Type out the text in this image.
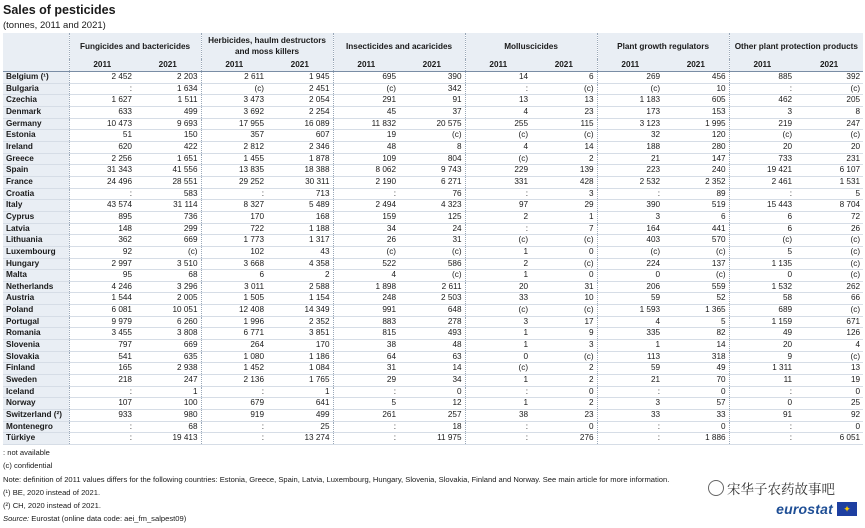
Sales of pesticides
(tonnes, 2011 and 2021)
	Fungicides and bactericides		Herbicides, haulm destructors and moss killers		Insecticides and acaricides		Molluscicides		Plant growth regulators		Other plant protection products	
	2011	2021	2011	2021	2011	2021	2011	2021	2011	2021	2011	2021
Belgium (¹)	2 452	2 203	2 611	1 945	695	390	14	6	269	456	885	392
Bulgaria	:	1 634	(c)	2 451	(c)	342	:	(c)	(c)	10	:	(c)
Czechia	1 627	1 511	3 473	2 054	291	91	13	13	1 183	605	462	205
Denmark	633	499	3 692	2 254	45	37	4	23	173	153	3	8
Germany	10 473	9 693	17 955	16 089	11 832	20 575	255	115	3 123	1 995	219	247
Estonia	51	150	357	607	19	(c)	(c)	(c)	32	120	(c)	(c)
Ireland	620	422	2 812	2 346	48	8	4	14	188	280	20	20
Greece	2 256	1 651	1 455	1 878	109	804	(c)	2	21	147	733	231
Spain	31 343	41 556	13 835	18 388	8 062	9 743	229	139	223	240	19 421	6 107
France	24 496	28 551	29 252	30 311	2 190	6 271	331	428	2 532	2 352	2 461	1 531
Croatia	:	583	:	713	:	76	:	3	:	89	:	5
Italy	43 574	31 114	8 327	5 489	2 494	4 323	97	29	390	519	15 443	8 704
Cyprus	895	736	170	168	159	125	2	1	3	6	6	72
Latvia	148	299	722	1 188	34	24	:	7	164	441	6	26
Lithuania	362	669	1 773	1 317	26	31	(c)	(c)	403	570	(c)	(c)
Luxembourg	92	(c)	102	43	(c)	(c)	1	0	(c)	(c)	5	(c)
Hungary	2 997	3 510	3 668	4 358	522	586	2	(c)	224	137	1 135	(c)
Malta	95	68	6	2	4	(c)	1	0	0	(c)	0	(c)
Netherlands	4 246	3 296	3 011	2 588	1 898	2 611	20	31	206	559	1 532	262
Austria	1 544	2 005	1 505	1 154	248	2 503	33	10	59	52	58	66
Poland	6 081	10 051	12 408	14 349	991	648	(c)	(c)	1 593	1 365	689	(c)
Portugal	9 979	6 260	1 996	2 352	883	278	3	17	4	5	1 159	671
Romania	3 455	3 808	6 771	3 851	815	493	1	9	335	82	49	126
Slovenia	797	669	264	170	38	48	1	3	1	14	20	4
Slovakia	541	635	1 080	1 186	64	63	0	(c)	113	318	9	(c)
Finland	165	2 938	1 452	1 084	31	14	(c)	2	59	49	1 311	13
Sweden	218	247	2 136	1 765	29	34	1	2	21	70	11	19
Iceland	:	1	:	1	:	0	:	0	:	0	:	0
Norway	107	100	679	641	5	12	1	2	3	57	0	25
Switzerland (²)	933	980	919	499	261	257	38	23	33	33	91	92
Montenegro	:	68	:	25	:	18	:	0	:	0	:	0
Türkiye	:	19 413	:	13 274	:	11 975	:	276	:	1 886	:	6 051
: not available
(c) confidential
Note: definition of 2011 values differs for the following countries: Estonia, Greece, Spain, Latvia, Luxembourg, Hungary, Slovenia, Slovakia, Finland and Norway. See main article for more information.
(¹) BE, 2020 instead of 2021.
(²) CH, 2020 instead of 2021.
Source: Eurostat (online data code: aei_fm_salpest09)
宋华子农药故事吧
eurostat ✦
